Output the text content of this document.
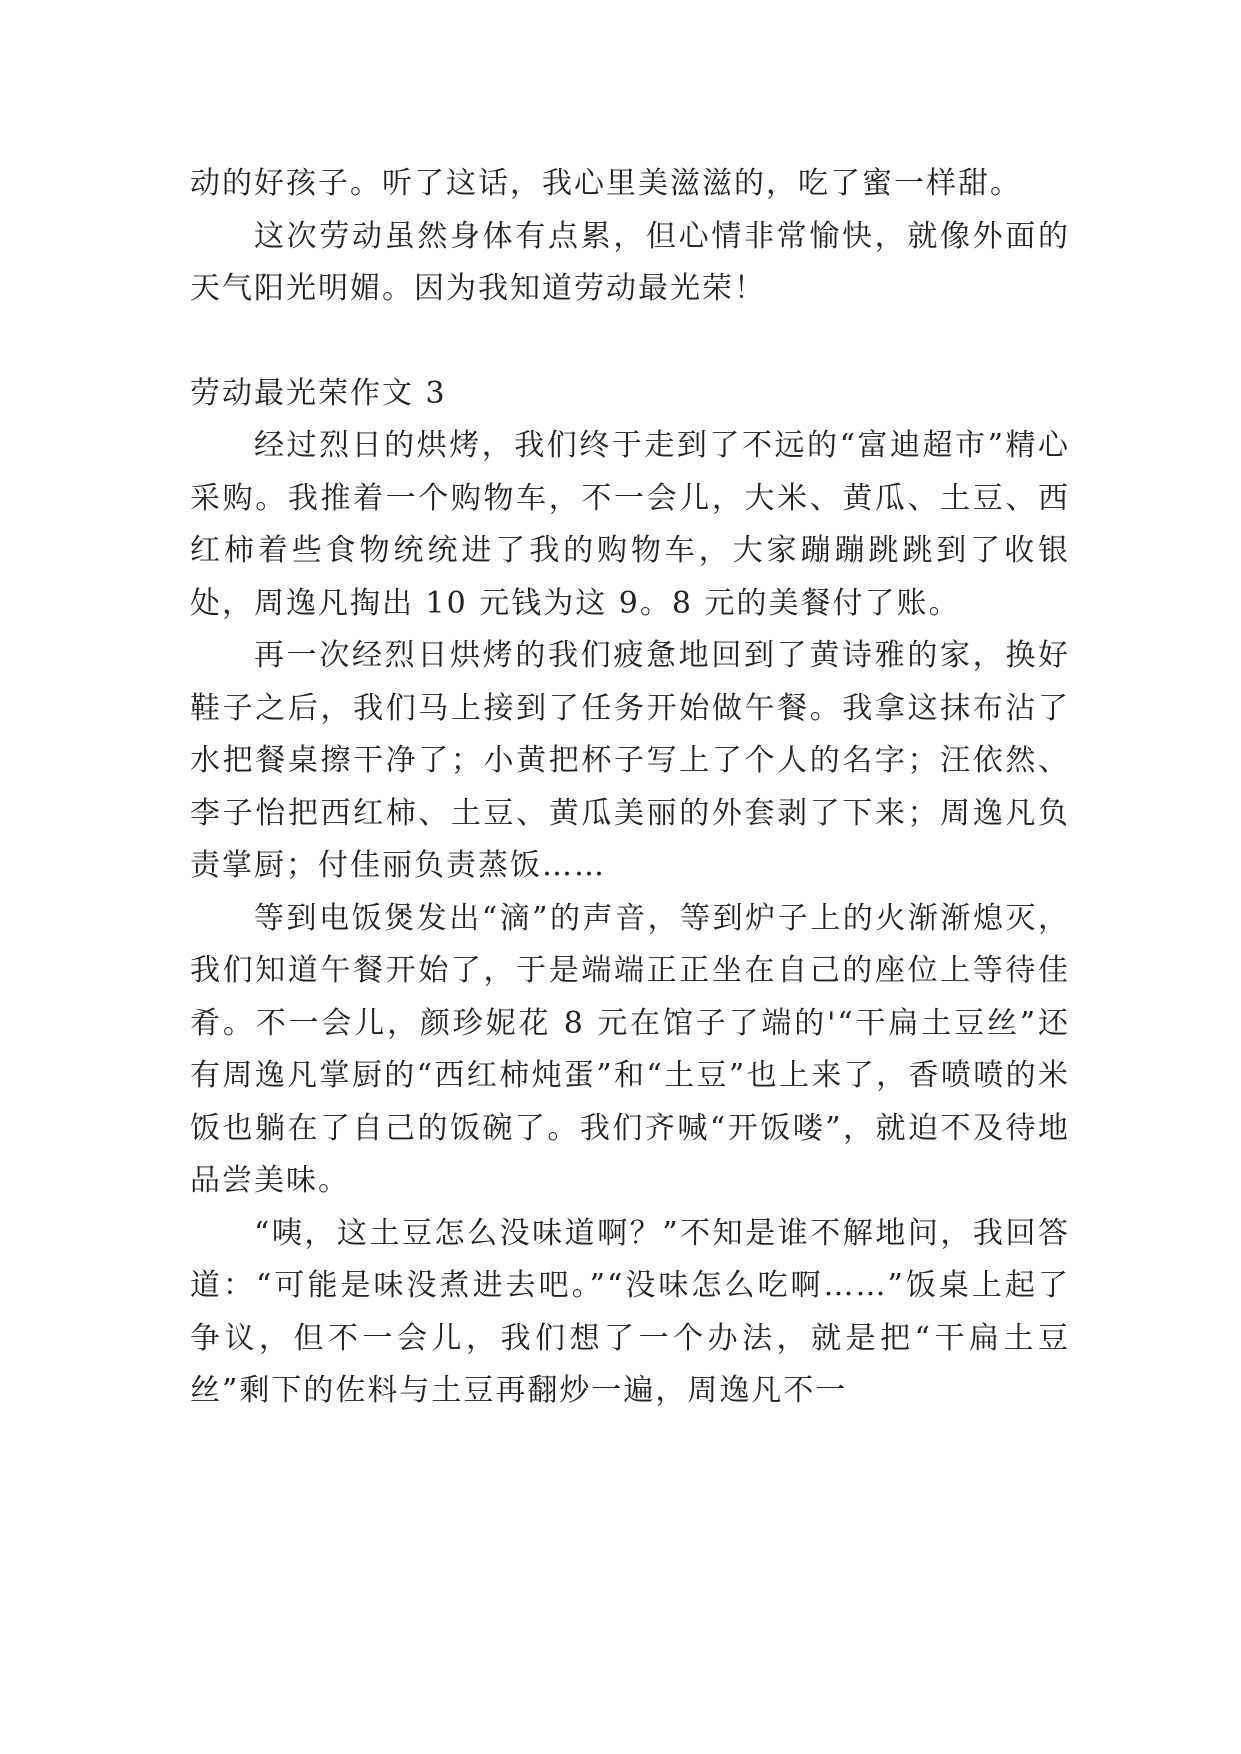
动的好孩子。听了这话，我心里美滋滋的，吃了蜜一样甜。

这次劳动虽然身体有点累，但心情非常愉快，就像外面的天气阳光明媚。因为我知道劳动最光荣！

劳动最光荣作文 3

经过烈日的烘烤，我们终于走到了不远的“富迪超市”精心采购。我推着一个购物车，不一会儿，大米、黄瓜、土豆、西红柿着些食物统统进了我的购物车，大家蹦蹦跳跳到了收银处，周逸凡掏出 10 元钱为这 9。8 元的美餐付了账。

再一次经烈日烘烤的我们疲惫地回到了黄诗雅的家，换好鞋子之后，我们马上接到了任务开始做午餐。我拿这抹布沾了水把餐桌擦干净了；小黄把杯子写上了个人的名字；汪依然、李子怡把西红柿、土豆、黄瓜美丽的外套剥了下来；周逸凡负责掌厨；付佳丽负责蒸饭……

等到电饭煲发出“滴”的声音，等到炉子上的火渐渐熄灭，我们知道午餐开始了，于是端端正正坐在自己的座位上等待佳肴。不一会儿，颜珍妮花 8 元在馆子了端的'“干扁土豆丝”还有周逸凡掌厨的“西红柿炖蛋”和“土豆”也上来了，香喷喷的米饭也躺在了自己的饭碗了。我们齐喊“开饭喽”，就迫不及待地品尝美味。

“咦，这土豆怎么没味道啊？”不知是谁不解地问，我回答道：“可能是味没煮进去吧。”“没味怎么吃啊……”饭桌上起了争议，但不一会儿，我们想了一个办法，就是把“干扁土豆丝”剩下的佐料与土豆再翻炒一遍，周逸凡不一
